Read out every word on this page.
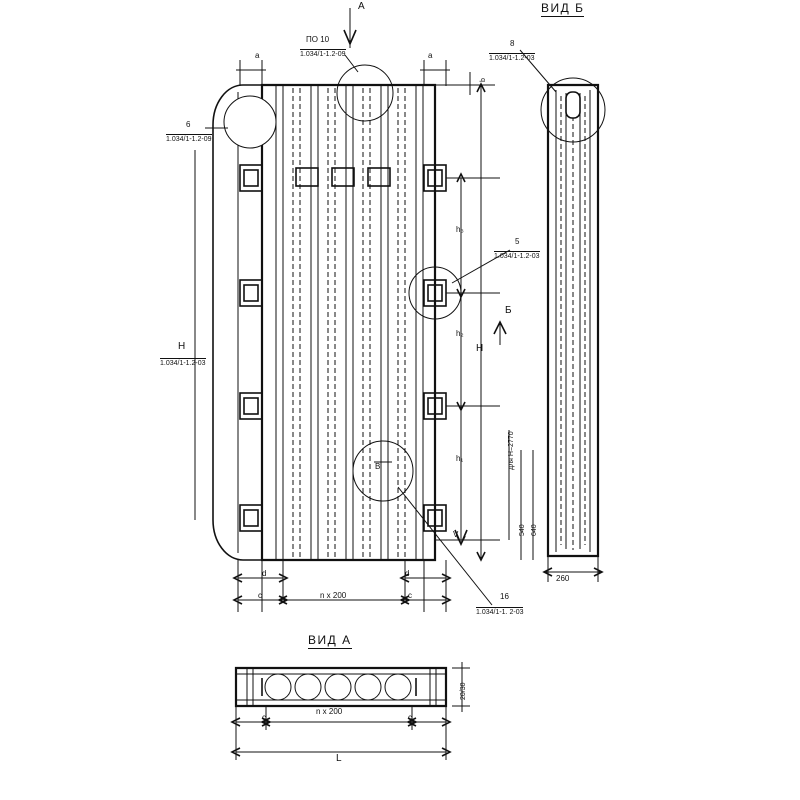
ВИД Б
ВИД А
A
Б
В
V
ПО 10
1.034/1-1.2-09
6
1.034/1-1.2-09
8
1.034/1-1.2-03
5
1.034/1-1.2-03
Н
1.034/1-1.2-03
16
1.034/1-1. 2-03
a	a
d	d
c	c
n х 200
h₃
h₂
h₁
H
b
для H=2770
540 640
260
c	c
n x 200
L
20/30
